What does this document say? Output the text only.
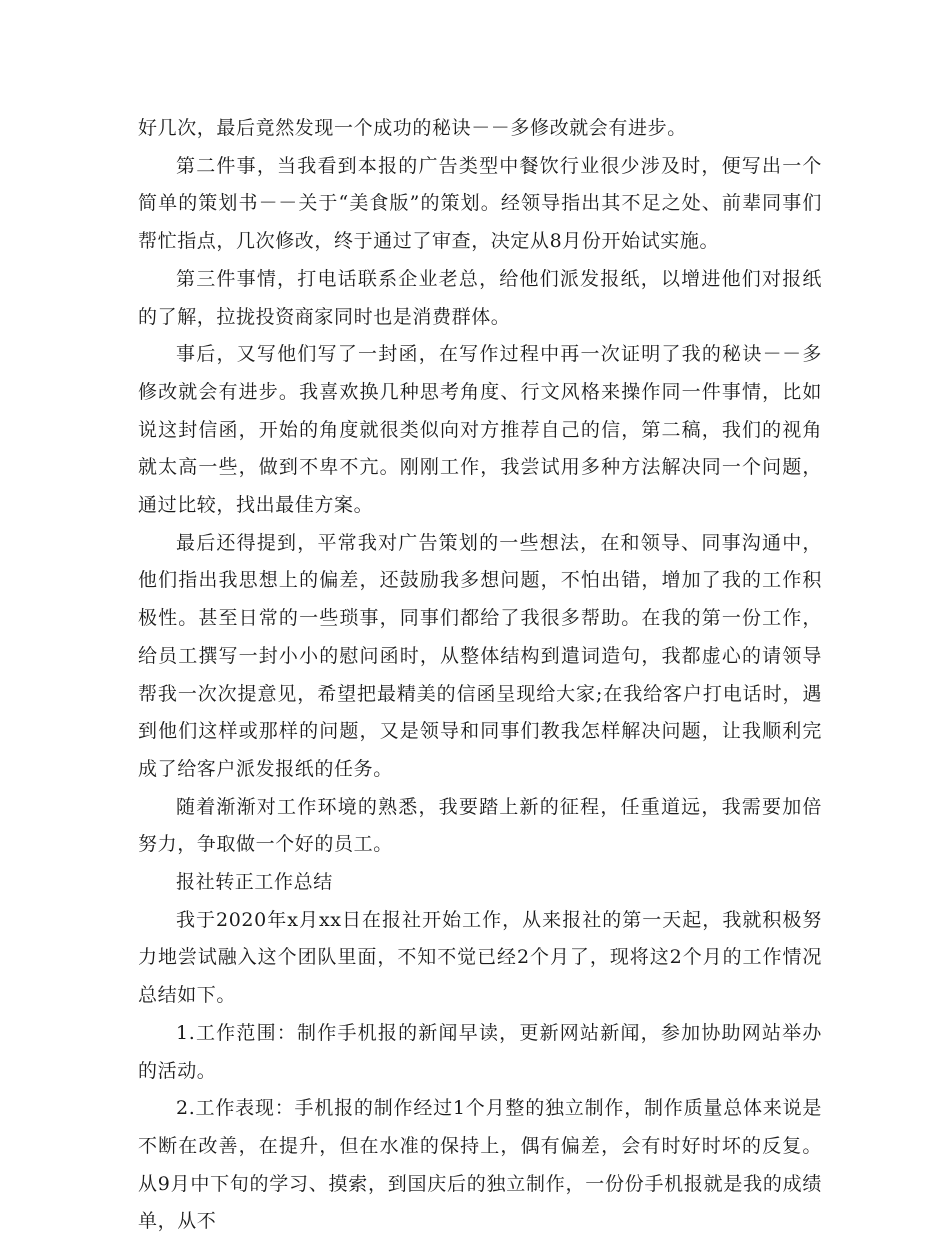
好几次，最后竟然发现一个成功的秘诀－－多修改就会有进步。

第二件事，当我看到本报的广告类型中餐饮行业很少涉及时，便写出一个简单的策划书－－关于“美食版”的策划。经领导指出其不足之处、前辈同事们帮忙指点，几次修改，终于通过了审查，决定从8月份开始试实施。

第三件事情，打电话联系企业老总，给他们派发报纸，以增进他们对报纸的了解，拉拢投资商家同时也是消费群体。

事后，又写他们写了一封函，在写作过程中再一次证明了我的秘诀－－多修改就会有进步。我喜欢换几种思考角度、行文风格来操作同一件事情，比如说这封信函，开始的角度就很类似向对方推荐自己的信，第二稿，我们的视角就太高一些，做到不卑不亢。刚刚工作，我尝试用多种方法解决同一个问题，通过比较，找出最佳方案。

最后还得提到，平常我对广告策划的一些想法，在和领导、同事沟通中，他们指出我思想上的偏差，还鼓励我多想问题，不怕出错，增加了我的工作积极性。甚至日常的一些琐事，同事们都给了我很多帮助。在我的第一份工作，给员工撰写一封小小的慰问函时，从整体结构到遣词造句，我都虚心的请领导帮我一次次提意见，希望把最精美的信函呈现给大家;在我给客户打电话时，遇到他们这样或那样的问题，又是领导和同事们教我怎样解决问题，让我顺利完成了给客户派发报纸的任务。

随着渐渐对工作环境的熟悉，我要踏上新的征程，任重道远，我需要加倍努力，争取做一个好的员工。

报社转正工作总结

我于2020年x月xx日在报社开始工作，从来报社的第一天起，我就积极努力地尝试融入这个团队里面，不知不觉已经2个月了，现将这2个月的工作情况总结如下。

1.工作范围：制作手机报的新闻早读，更新网站新闻，参加协助网站举办的活动。

2.工作表现：手机报的制作经过1个月整的独立制作，制作质量总体来说是不断在改善，在提升，但在水准的保持上，偶有偏差，会有时好时坏的反复。从9月中下旬的学习、摸索，到国庆后的独立制作，一份份手机报就是我的成绩单，从不
